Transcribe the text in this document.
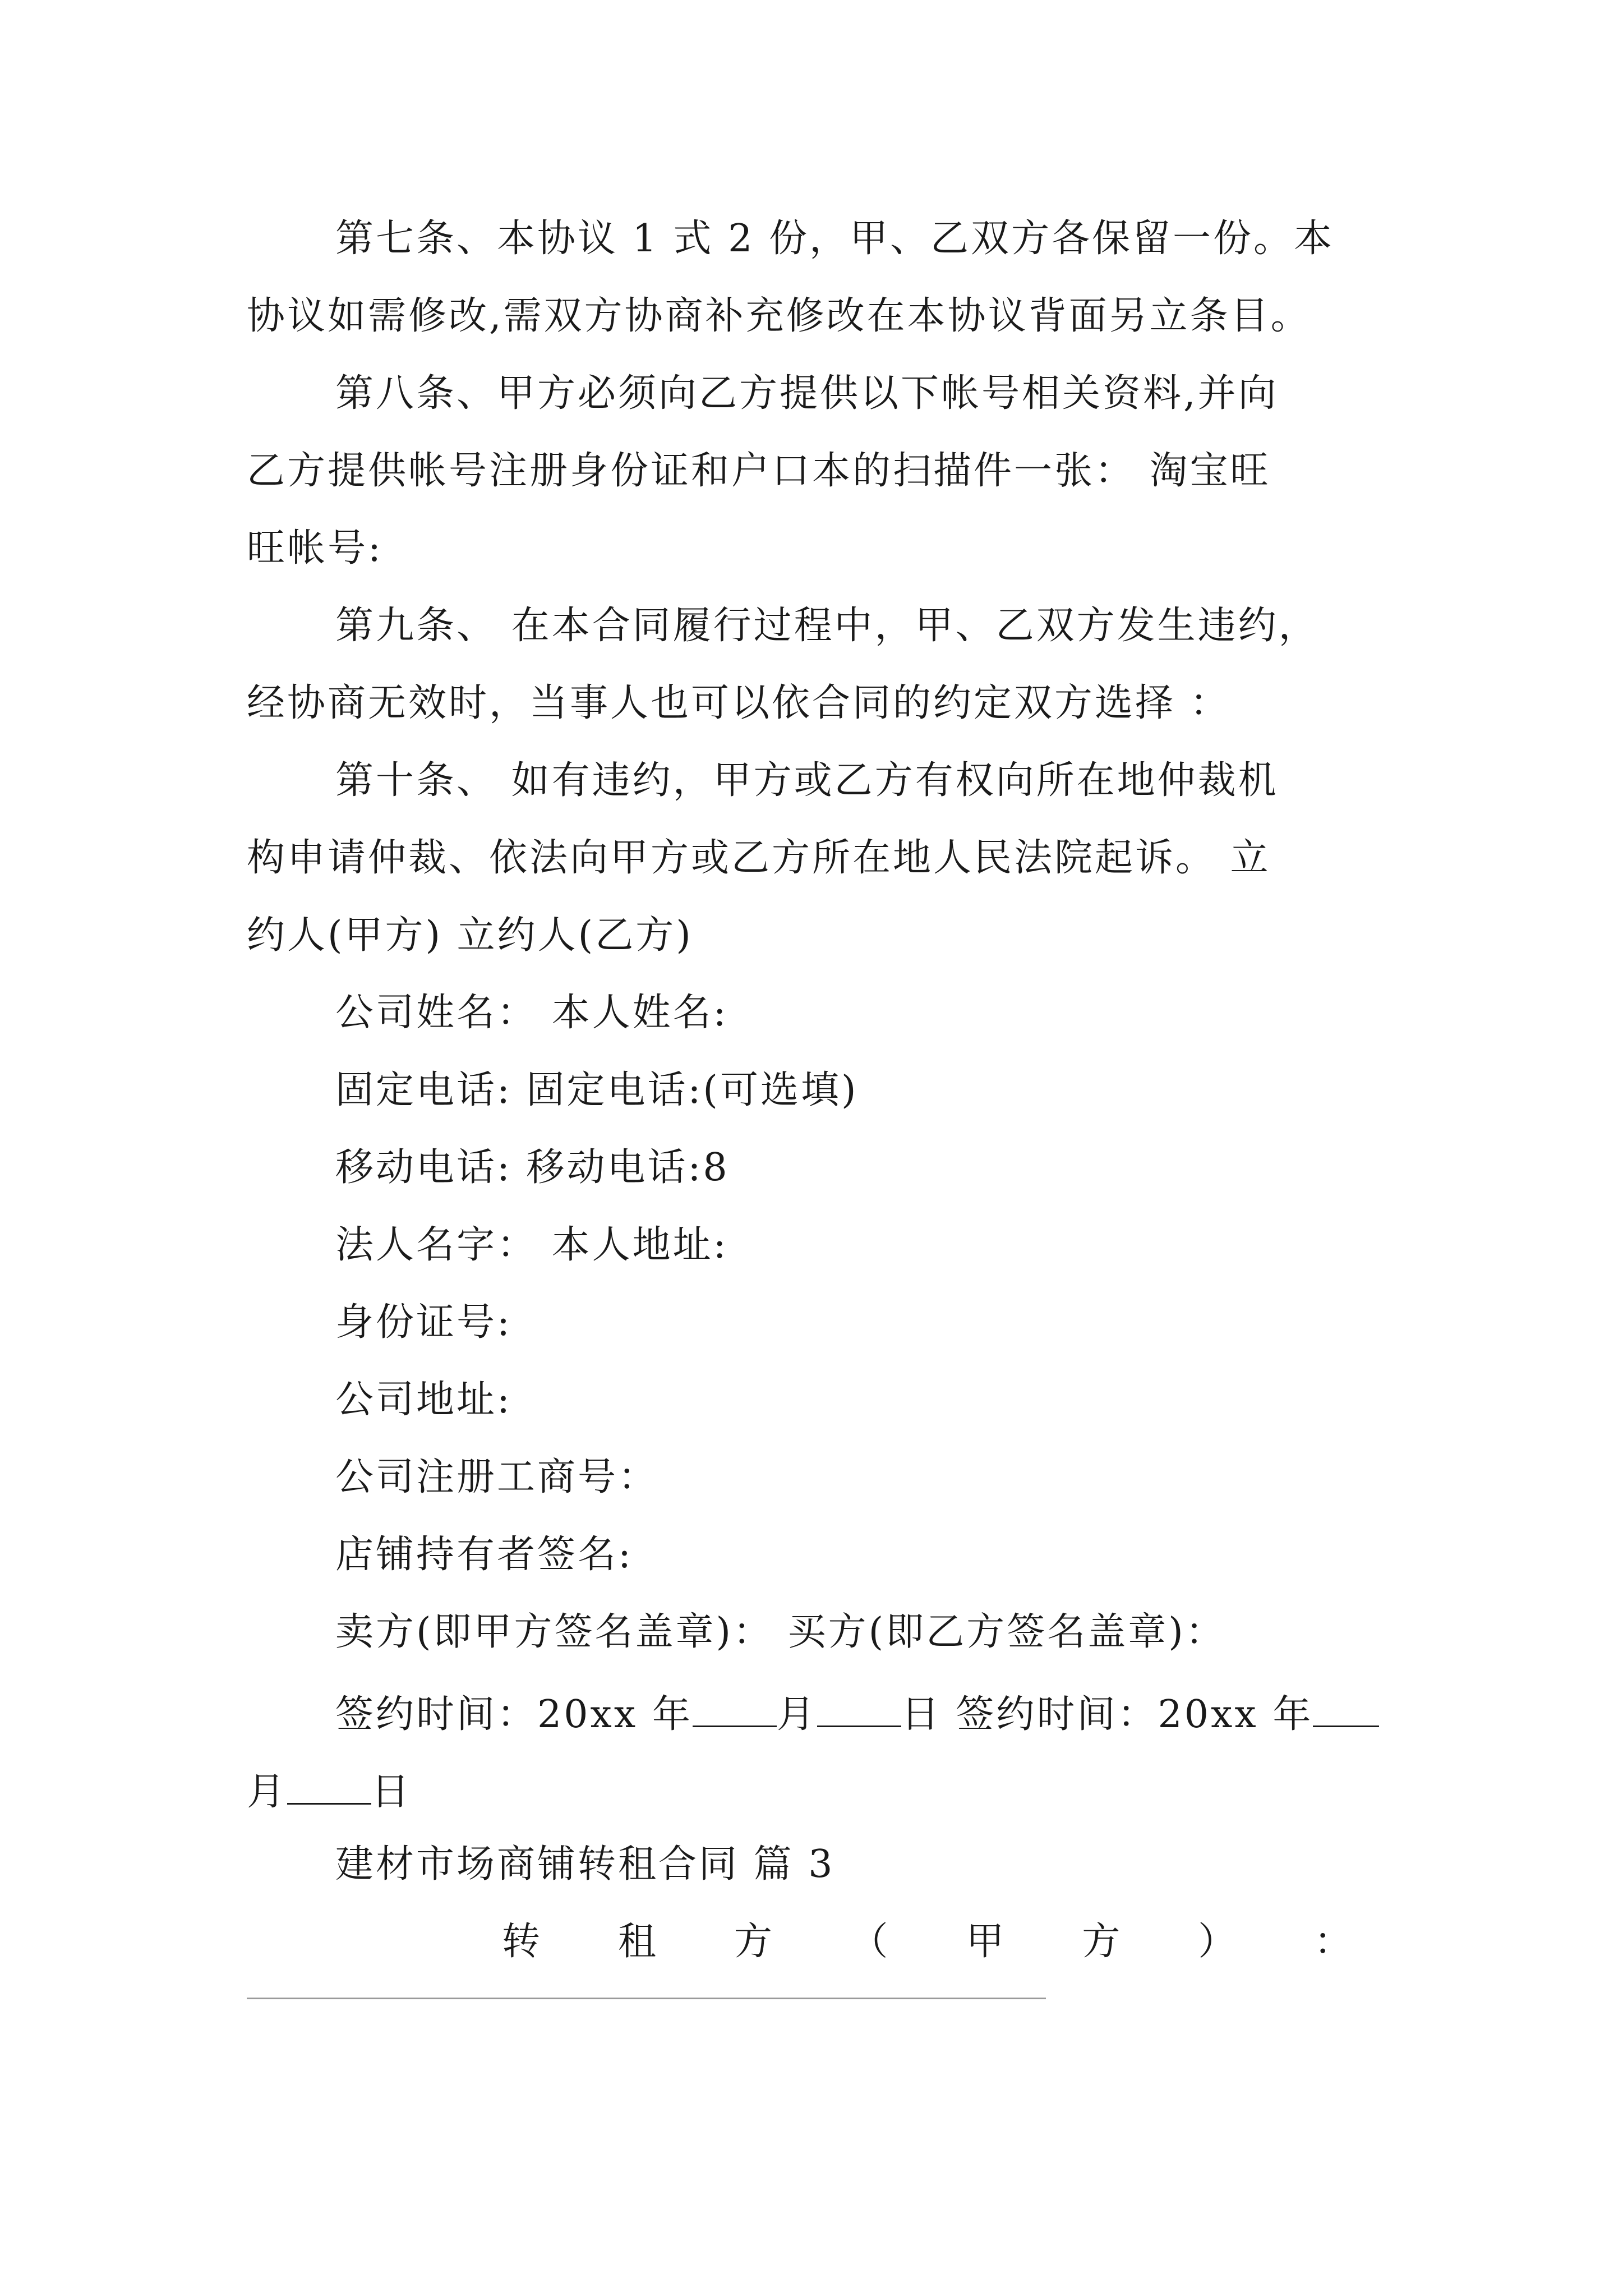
第七条、本协议 1 式 2 份，甲、乙双方各保留一份。本
协议如需修改,需双方协商补充修改在本协议背面另立条目。
第八条、甲方必须向乙方提供以下帐号相关资料,并向
乙方提供帐号注册身份证和户口本的扫描件一张： 淘宝旺
旺帐号:
第九条、 在本合同履行过程中，甲、乙双方发生违约，
经协商无效时，当事人也可以依合同的约定双方选择 ：
第十条、 如有违约，甲方或乙方有权向所在地仲裁机
构申请仲裁、依法向甲方或乙方所在地人民法院起诉。 立
约人(甲方) 立约人(乙方)
公司姓名： 本人姓名:
固定电话: 固定电话:(可选填)
移动电话: 移动电话:8
法人名字： 本人地址:
身份证号:
公司地址:
公司注册工商号：
店铺持有者签名:
卖方(即甲方签名盖章)： 买方(即乙方签名盖章)：
签约时间：20xx 年 月 日 签约时间：20xx 年
月 日
建材市场商铺转租合同 篇 3
转 租 方 （ 甲 方 ） ：
